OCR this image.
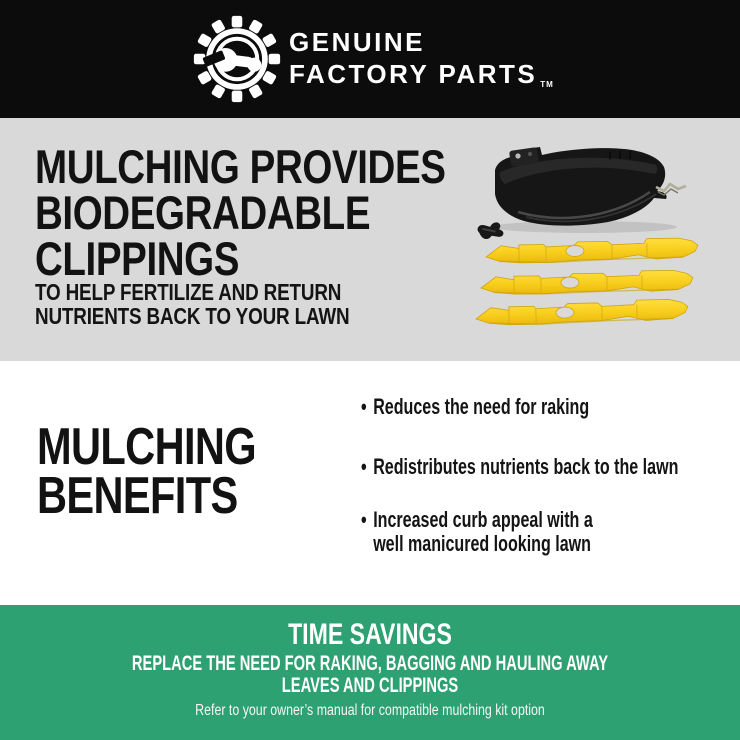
GENUINE
FACTORY PARTS TM
MULCHING PROVIDES
BIODEGRADABLE
CLIPPINGS
TO HELP FERTILIZE AND RETURN
NUTRIENTS BACK TO YOUR LAWN
MULCHING
BENEFITS
• Reduces the need for raking
• Redistributes nutrients back to the lawn
• Increased curb appeal with a
well manicured looking lawn
TIME SAVINGS
REPLACE THE NEED FOR RAKING, BAGGING AND HAULING AWAY
LEAVES AND CLIPPINGS
Refer to your owner’s manual for compatible mulching kit option
